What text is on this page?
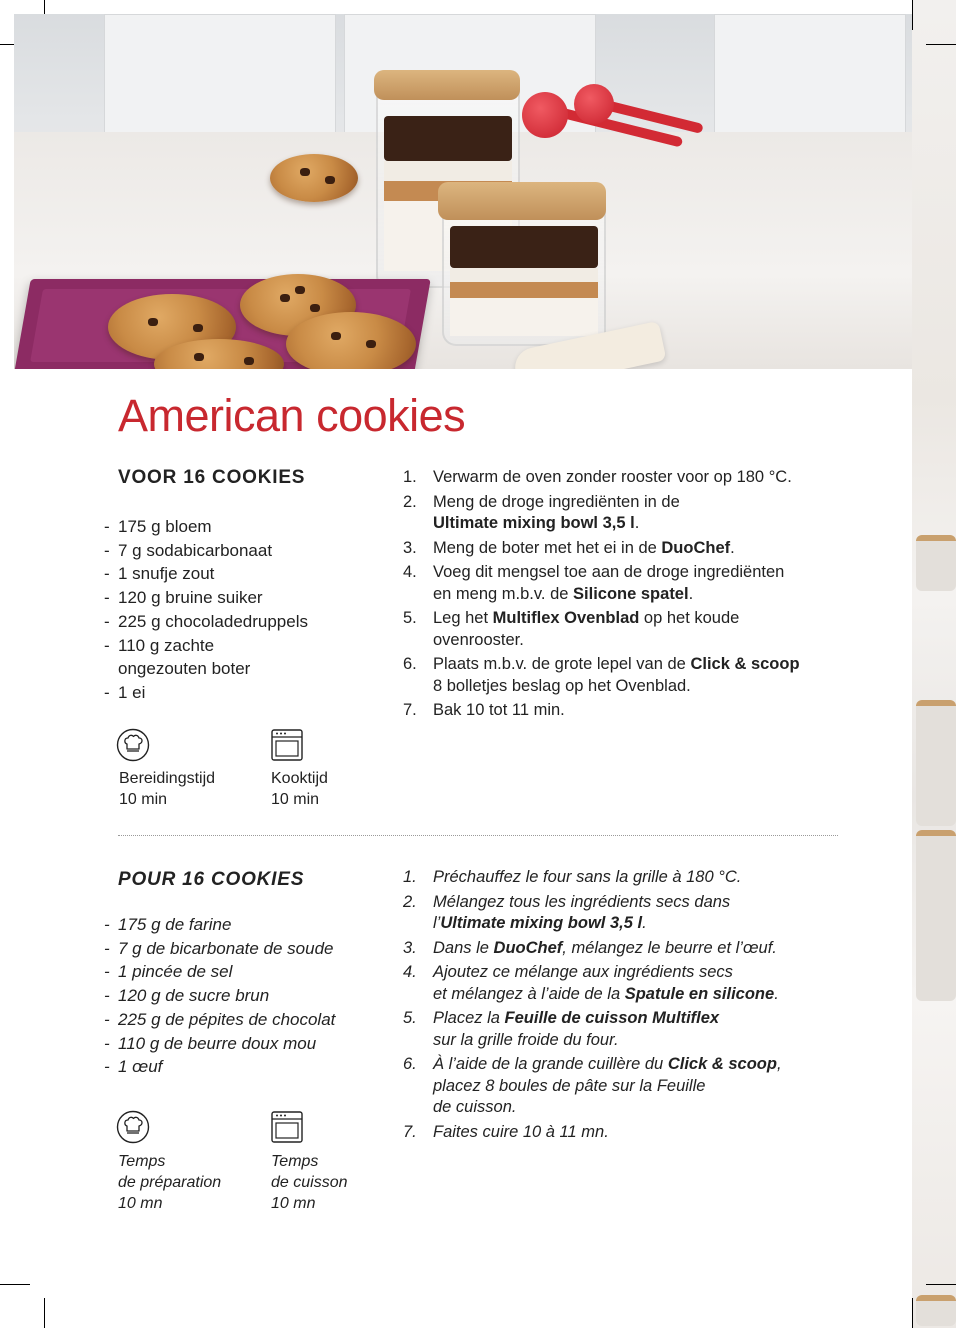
American cookies
VOOR 16 COOKIES
- 175 g bloem
- 7 g sodabicarbonaat
- 1 snufje zout
- 120 g bruine suiker
- 225 g chocoladedruppels
- 110 g zachte
ongezouten boter
- 1 ei
1. Verwarm de oven zonder rooster voor op 180 °C.
2. Meng de droge ingrediënten in de
Ultimate mixing bowl 3,5 l.
3. Meng de boter met het ei in de DuoChef.
4. Voeg dit mengsel toe aan de droge ingrediënten
en meng m.b.v. de Silicone spatel.
5. Leg het Multiflex Ovenblad op het koude
ovenrooster.
6. Plaats m.b.v. de grote lepel van de Click & scoop
8 bolletjes beslag op het Ovenblad.
7. Bak 10 tot 11 min.
Bereidingstijd
10 min
Kooktijd
10 min
POUR 16 COOKIES
- 175 g de farine
- 7 g de bicarbonate de soude
- 1 pincée de sel
- 120 g de sucre brun
- 225 g de pépites de chocolat
- 110 g de beurre doux mou
- 1 œuf
1. Préchauffez le four sans la grille à 180 °C.
2. Mélangez tous les ingrédients secs dans
l’Ultimate mixing bowl 3,5 l.
3. Dans le DuoChef, mélangez le beurre et l’œuf.
4. Ajoutez ce mélange aux ingrédients secs
et mélangez à l’aide de la Spatule en silicone.
5. Placez la Feuille de cuisson Multiflex
sur la grille froide du four.
6. À l’aide de la grande cuillère du Click & scoop,
placez 8 boules de pâte sur la Feuille
de cuisson.
7. Faites cuire 10 à 11 mn.
Temps
de préparation
10 mn
Temps
de cuisson
10 mn
